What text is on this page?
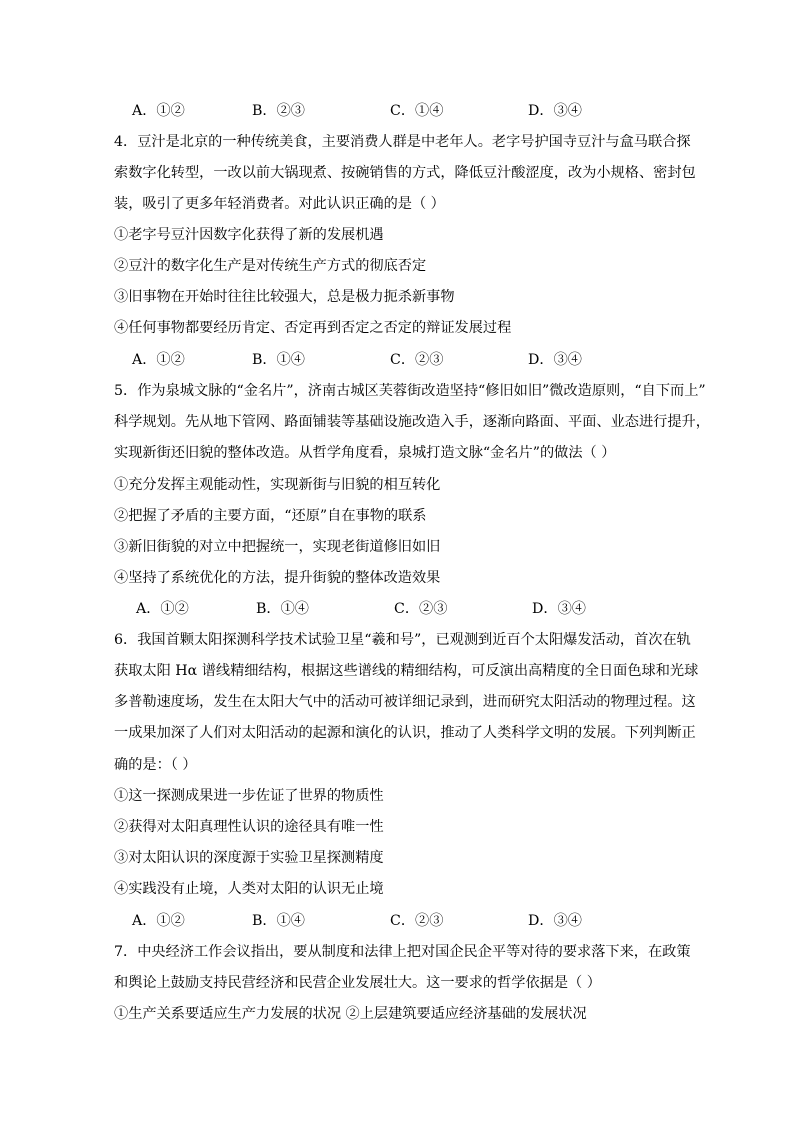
A．①②	B．②③	C．①④	D．③④
4．豆汁是北京的一种传统美食，主要消费人群是中老年人。老字号护国寺豆汁与盒马联合探
索数字化转型，一改以前大锅现煮、按碗销售的方式，降低豆汁酸涩度，改为小规格、密封包
装，吸引了更多年轻消费者。对此认识正确的是（ ）
①老字号豆汁因数字化获得了新的发展机遇
②豆汁的数字化生产是对传统生产方式的彻底否定
③旧事物在开始时往往比较强大，总是极力扼杀新事物
④任何事物都要经历肯定、否定再到否定之否定的辩证发展过程
A．①②	B．①④	C．②③	D．③④
5．作为泉城文脉的“金名片”，济南古城区芙蓉街改造坚持“修旧如旧”微改造原则，“自下而上”
科学规划。先从地下管网、路面铺装等基础设施改造入手，逐渐向路面、平面、业态进行提升，
实现新街还旧貌的整体改造。从哲学角度看，泉城打造文脉“金名片”的做法（ ）
①充分发挥主观能动性，实现新街与旧貌的相互转化
②把握了矛盾的主要方面，“还原”自在事物的联系
③新旧街貌的对立中把握统一，实现老街道修旧如旧
④坚持了系统优化的方法，提升街貌的整体改造效果
A．①②	B．①④	C．②③	D．③④
6．我国首颗太阳探测科学技术试验卫星“羲和号”，已观测到近百个太阳爆发活动，首次在轨
获取太阳 Hα 谱线精细结构，根据这些谱线的精细结构，可反演出高精度的全日面色球和光球
多普勒速度场，发生在太阳大气中的活动可被详细记录到，进而研究太阳活动的物理过程。这
一成果加深了人们对太阳活动的起源和演化的认识，推动了人类科学文明的发展。下列判断正
确的是：（ ）
①这一探测成果进一步佐证了世界的物质性
②获得对太阳真理性认识的途径具有唯一性
③对太阳认识的深度源于实验卫星探测精度
④实践没有止境，人类对太阳的认识无止境
A．①②	B．①④	C．②③	D．③④
7．中央经济工作会议指出，要从制度和法律上把对国企民企平等对待的要求落下来，在政策
和舆论上鼓励支持民营经济和民营企业发展壮大。这一要求的哲学依据是（ ）
①生产关系要适应生产力发展的状况 ②上层建筑要适应经济基础的发展状况
